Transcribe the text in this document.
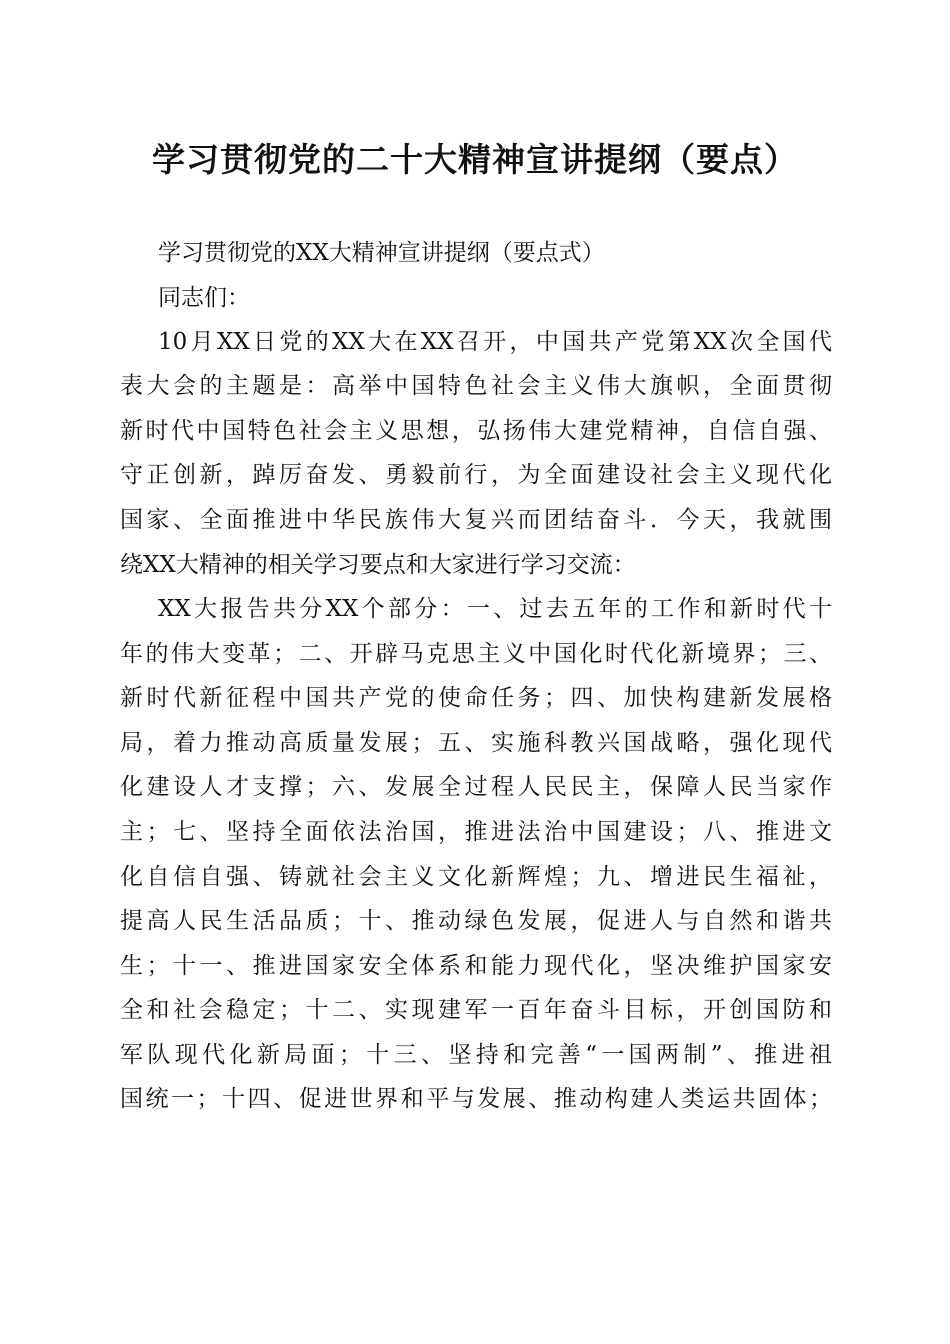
学习贯彻党的二十大精神宣讲提纲（要点）
学习贯彻党的XX大精神宣讲提纲（要点式）
同志们：
10月XX日党的XX大在XX召开，中国共产党第XX次全国代
表大会的主题是：高举中国特色社会主义伟大旗帜，全面贯彻
新时代中国特色社会主义思想，弘扬伟大建党精神，自信自强、
守正创新，踔厉奋发、勇毅前行，为全面建设社会主义现代化
国家、全面推进中华民族伟大复兴而团结奋斗．今天，我就围
绕XX大精神的相关学习要点和大家进行学习交流：
XX大报告共分XX个部分：一、过去五年的工作和新时代十
年的伟大变革；二、开辟马克思主义中国化时代化新境界；三、
新时代新征程中国共产党的使命任务；四、加快构建新发展格
局，着力推动高质量发展；五、实施科教兴国战略，强化现代
化建设人才支撑；六、发展全过程人民民主，保障人民当家作
主；七、坚持全面依法治国，推进法治中国建设；八、推进文
化自信自强、铸就社会主义文化新辉煌；九、增进民生福祉，
提高人民生活品质；十、推动绿色发展，促进人与自然和谐共
生；十一、推进国家安全体系和能力现代化，坚决维护国家安
全和社会稳定；十二、实现建军一百年奋斗目标，开创国防和
军队现代化新局面；十三、坚持和完善“一国两制”、推进祖
国统一；十四、促进世界和平与发展、推动构建人类运共固体；
